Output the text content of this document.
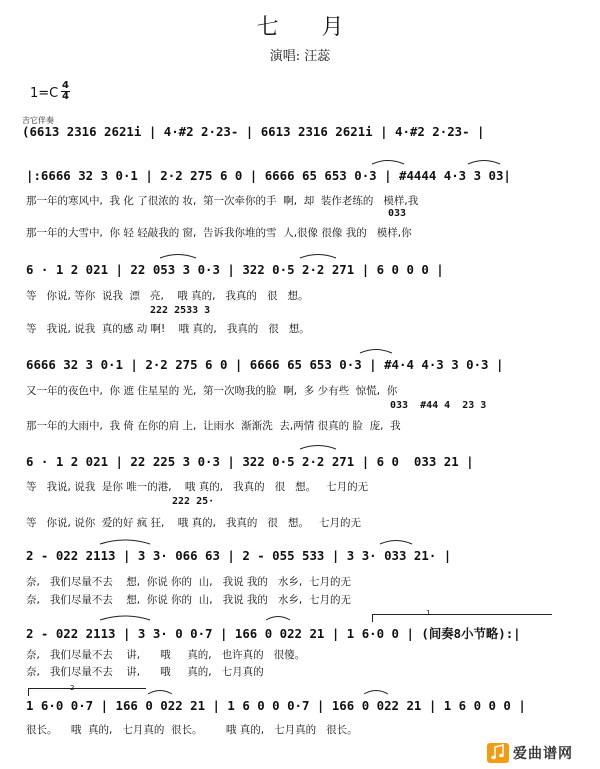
七 月
演唱: 汪蕊
1=C
4
4
吉它伴奏
(6613 2316 2621i | 4·#2 2·23- | 6613 2316 2621i | 4·#2 2·23- |
|:6666 32 3 0·1 | 2·2 275 6 0 | 6666 65 653 0·3 | #4444 4·3 3 03|
那一年的寒风中,  我 化 了很浓的 妆,  第一次牵你的手  啊,  却  装作老练的   模样,我
033
那一年的大雪中,  你 轻 轻敲我的 窗,  告诉我你堆的雪  人,很像 很像 我的   模样,你
6 · 1 2 021 | 22 053 3 0·3 | 322 0·5 2·2 271 | 6 0 0 0 |
等   你说, 等你  说我  漂   亮,    哦 真的,   我真的   很   想。
222 2533 3
等   我说, 说我  真的感 动 啊!    哦 真的,   我真的   很   想。
6666 32 3 0·1 | 2·2 275 6 0 | 6666 65 653 0·3 | #4·4 4·3 3 0·3 |
又一年的夜色中,  你 遮 住星星的 光,  第一次吻我的脸  啊,  多 少有些  惊慌,  你
033  #44 4  23 3
那一年的大雨中,  我 倚 在你的肩 上,  让雨水  渐渐洗  去,两情 很真的 脸  庞,  我
6 · 1 2 021 | 22 225 3 0·3 | 322 0·5 2·2 271 | 6 0  033 21 |
等   我说, 说我  是你 唯一的港,    哦 真的,   我真的   很   想。   七月的无
222 25·
等   你说, 说你  爱的好 疯 狂,    哦 真的,   我真的   很   想。   七月的无
2 - 022 2113 | 3 3· 066 63 | 2 - 055 533 | 3 3· 033 21· |
奈,   我们尽量不去    想,  你说 你的  山,   我说 我的   水乡,  七月的无
奈,   我们尽量不去    想,  你说 你的  山,   我说 我的   水乡,  七月的无
1
2 - 022 2113 | 3 3· 0 0·7 | 166 0 022 21 | 1 6·0 0 | (间奏8小节略):|
奈,   我们尽量不去    讲,      哦     真的,   也许真的   很傻。
奈,   我们尽量不去    讲,      哦     真的,   七月真的
2
1 6·0 0·7 | 166 0 022 21 | 1 6 0 0 0·7 | 166 0 022 21 | 1 6 0 0 0 |
很长。    哦  真的,   七月真的  很长。       哦 真的,   七月真的   很长。
爱曲谱网
